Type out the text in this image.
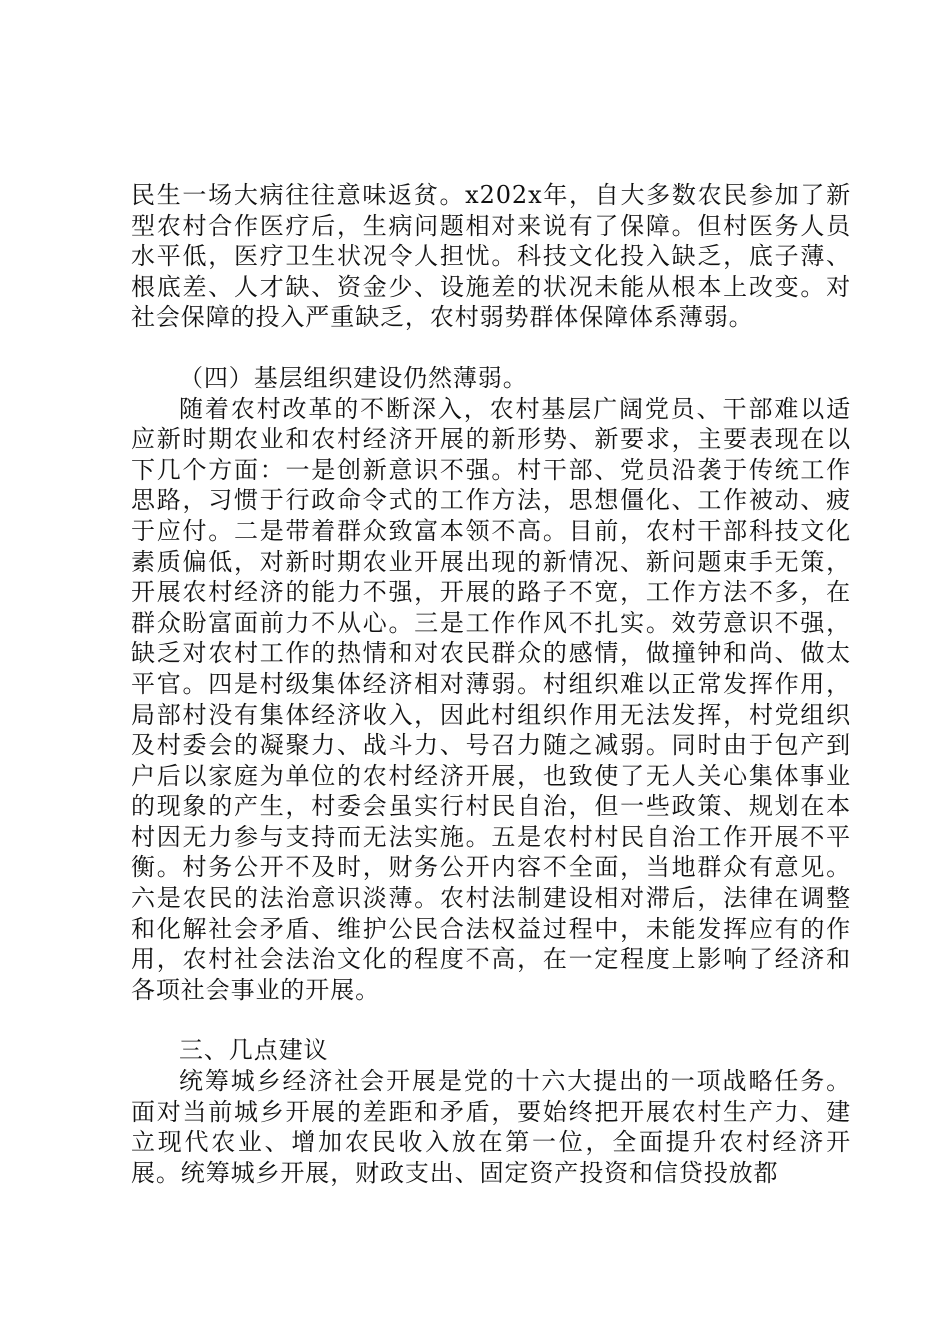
民生一场大病往往意味返贫。x202x年，自大多数农民参加了新型农村合作医疗后，生病问题相对来说有了保障。但村医务人员水平低，医疗卫生状况令人担忧。科技文化投入缺乏，底子薄、根底差、人才缺、资金少、设施差的状况未能从根本上改变。对社会保障的投入严重缺乏，农村弱势群体保障体系薄弱。

（四）基层组织建设仍然薄弱。

随着农村改革的不断深入，农村基层广阔党员、干部难以适应新时期农业和农村经济开展的新形势、新要求，主要表现在以下几个方面：一是创新意识不强。村干部、党员沿袭于传统工作思路，习惯于行政命令式的工作方法，思想僵化、工作被动、疲于应付。二是带着群众致富本领不高。目前，农村干部科技文化素质偏低，对新时期农业开展出现的新情况、新问题束手无策，开展农村经济的能力不强，开展的路子不宽，工作方法不多，在群众盼富面前力不从心。三是工作作风不扎实。效劳意识不强，缺乏对农村工作的热情和对农民群众的感情，做撞钟和尚、做太平官。四是村级集体经济相对薄弱。村组织难以正常发挥作用，局部村没有集体经济收入，因此村组织作用无法发挥，村党组织及村委会的凝聚力、战斗力、号召力随之减弱。同时由于包产到户后以家庭为单位的农村经济开展，也致使了无人关心集体事业的现象的产生，村委会虽实行村民自治，但一些政策、规划在本村因无力参与支持而无法实施。五是农村村民自治工作开展不平衡。村务公开不及时，财务公开内容不全面，当地群众有意见。六是农民的法治意识淡薄。农村法制建设相对滞后，法律在调整和化解社会矛盾、维护公民合法权益过程中，未能发挥应有的作用，农村社会法治文化的程度不高，在一定程度上影响了经济和各项社会事业的开展。

三、几点建议

统筹城乡经济社会开展是党的十六大提出的一项战略任务。面对当前城乡开展的差距和矛盾，要始终把开展农村生产力、建立现代农业、增加农民收入放在第一位，全面提升农村经济开展。统筹城乡开展，财政支出、固定资产投资和信贷投放都
